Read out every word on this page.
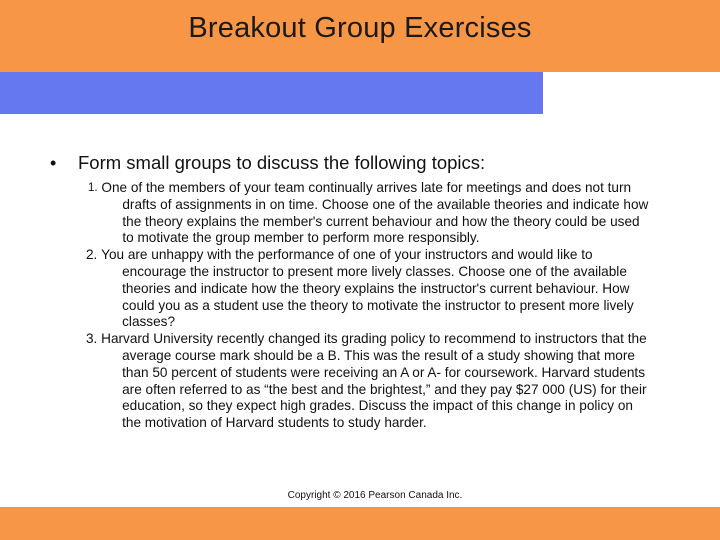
Breakout Group Exercises
•	Form small groups to discuss the following topics:
1.
One of the members of your team continually arrives late for meetings and does not turn drafts of assignments in on time. Choose one of the available theories and indicate how the theory explains the member's current behaviour and how the theory could be used to motivate the group member to perform more responsibly.
2.
You are unhappy with the performance of one of your instructors and would like to encourage the instructor to present more lively classes. Choose one of the available theories and indicate how the theory explains the instructor's current behaviour. How could you as a student use the theory to motivate the instructor to present more lively classes?
3.
Harvard University recently changed its grading policy to recommend to instructors that the average course mark should be a B. This was the result of a study showing that more than 50 percent of students were receiving an A or A- for coursework. Harvard students are often referred to as “the best and the brightest,” and they pay $27 000 (US) for their education, so they expect high grades. Discuss the impact of this change in policy on the motivation of Harvard students to study harder.
Copyright © 2016 Pearson Canada Inc.
